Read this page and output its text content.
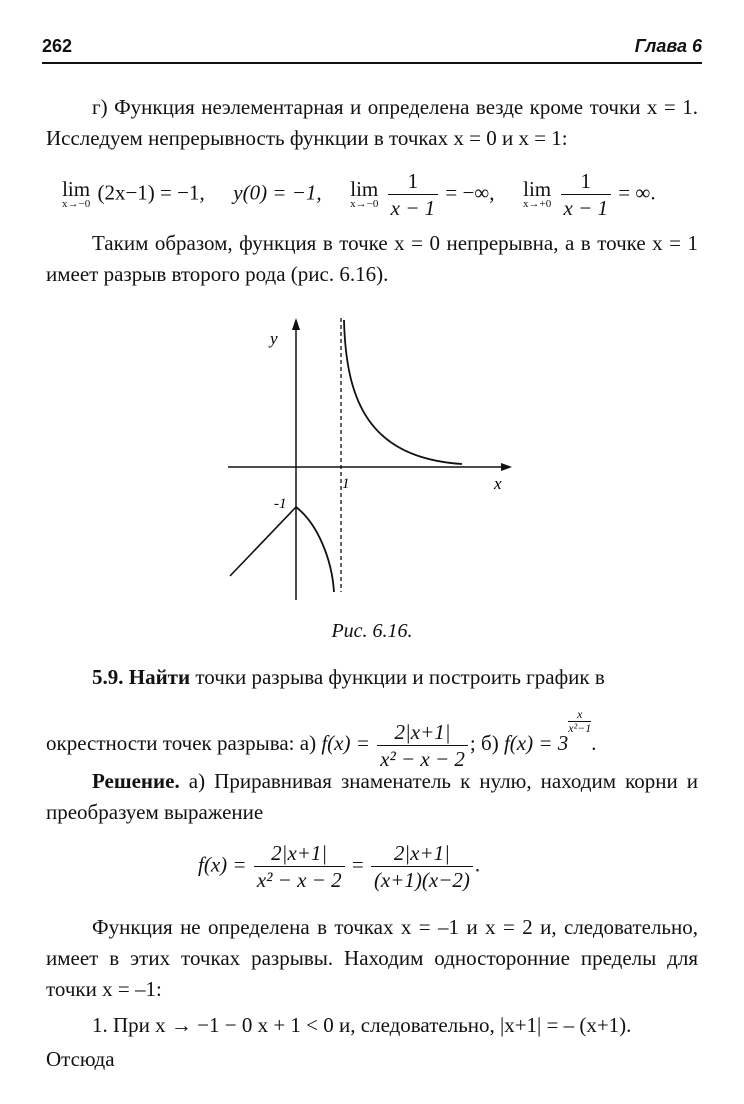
262	Глава 6
г) Функция неэлементарная и определена везде кроме точки x = 1. Исследуем непрерывность функции в точках x = 0 и x = 1:
lim
x→−0 (2x−1) = −1, y(0) = −1, lim
x→−0
$\frac{1}{x - 1}$ = −∞, lim
x→+0
$\frac{1}{x - 1}$ = ∞.
Таким образом, функция в точке x = 0 непрерывна, а в точке x = 1 имеет разрыв второго рода (рис. 6.16).
y
x
1
-1
Рис. 6.16.
5.9. Найти точки разрыва функции и построить график в
окрестности точек разрыва: а) $f(x) = \frac{2|x+1|}{\text{x² − x − 2}}$ ; б) f(x) = 3
$\frac{x}{\text{x²−1}}$
.
Решение. а) Приравнивая знаменатель к нулю, находим корни и преобразуем выражение
$f(x) = \frac{2|x+1|}{\text{x² − x − 2}} = \frac{2|x+1|}{(x+1)(x-2)}$ .
Функция не определена в точках x = –1 и x = 2 и, следовательно, имеет в этих точках разрывы. Находим односторонние пределы для точки x = –1:
1. При x → −1 − 0 x + 1 < 0 и, следовательно, |x+1| = – (x+1).
Отсюда
